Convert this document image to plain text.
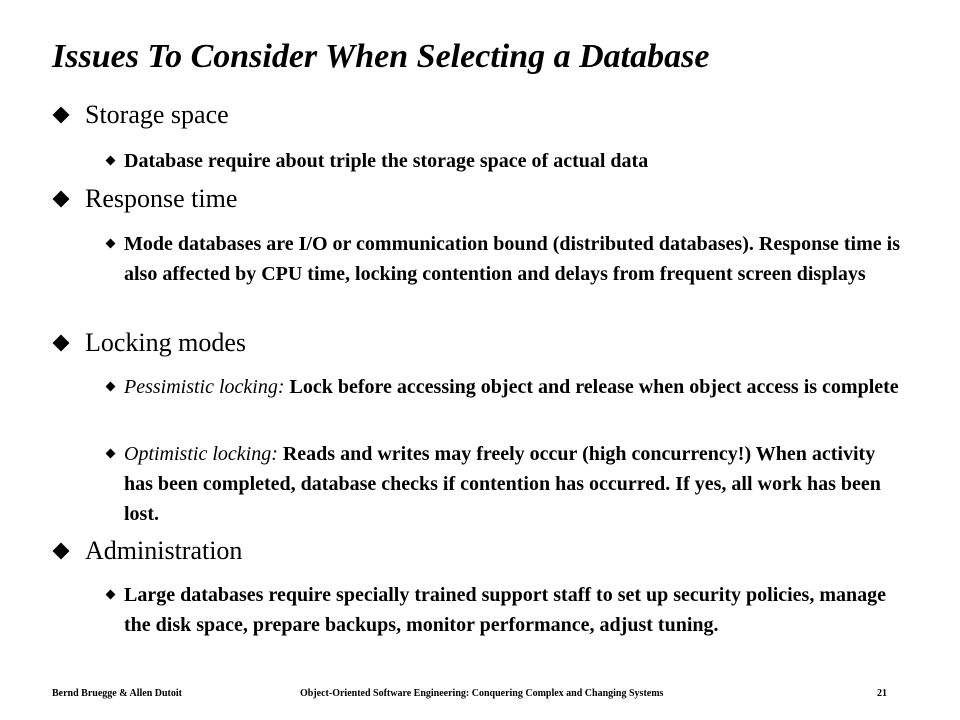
Issues To Consider When Selecting a Database
Storage space
Database require about triple the storage space of actual data
Response time
Mode databases are I/O or communication bound (distributed databases). Response time is also affected by CPU time, locking contention and delays from frequent screen displays
Locking modes
Pessimistic locking: Lock before accessing object and release when object access is complete
Optimistic locking: Reads and writes may freely occur (high concurrency!) When activity has been completed, database checks if contention has occurred. If yes, all work has been lost.
Administration
Large databases require specially trained support staff to set up security policies, manage the disk space, prepare backups, monitor performance, adjust tuning.
Bernd Bruegge & Allen Dutoit	Object-Oriented Software Engineering: Conquering Complex and Changing Systems	21
